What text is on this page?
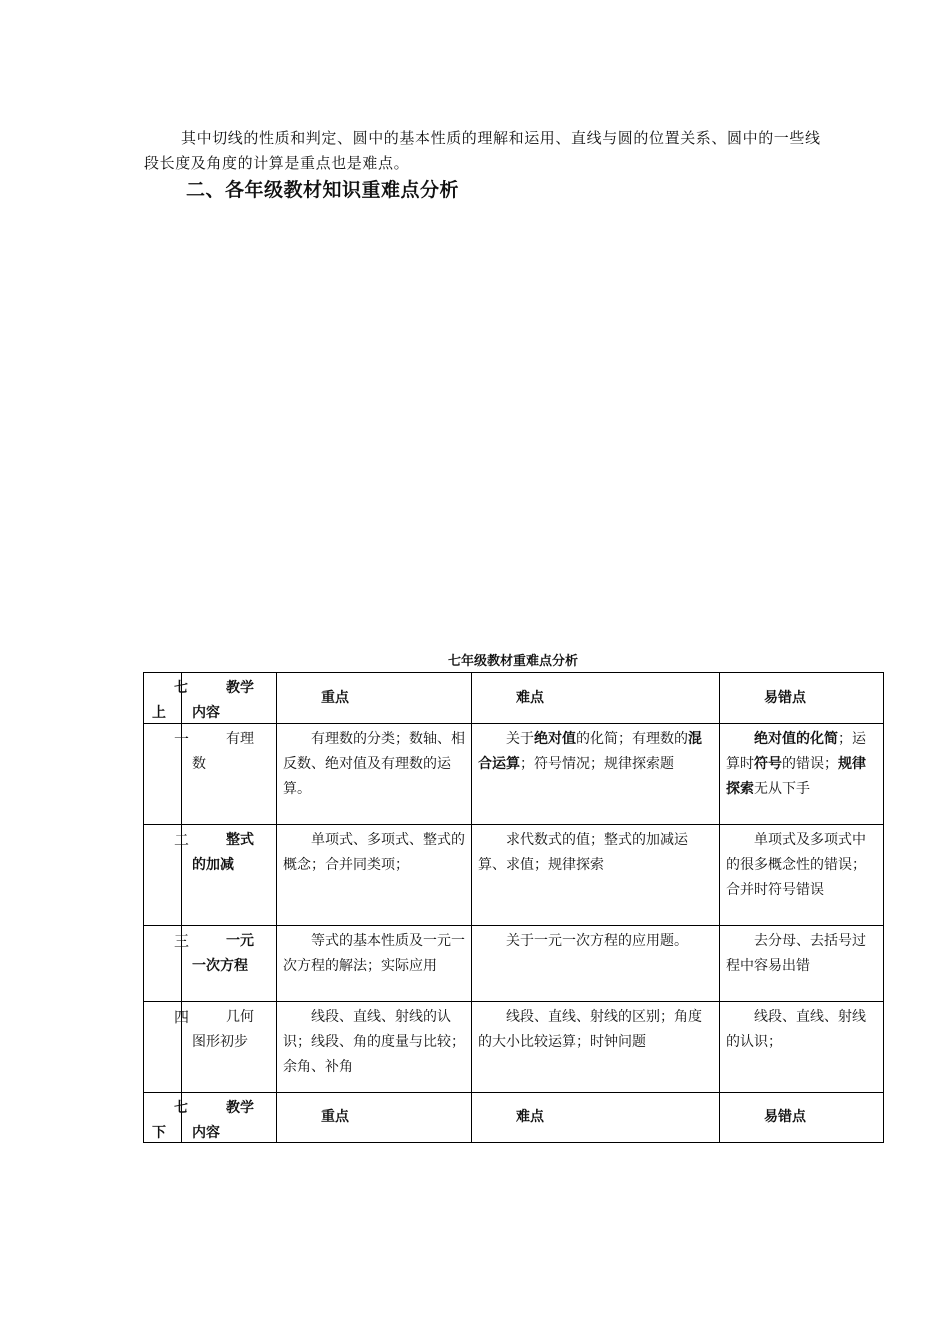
其中切线的性质和判定、圆中的基本性质的理解和运用、直线与圆的位置关系、圆中的一些线段长度及角度的计算是重点也是难点。
二、各年级教材知识重难点分析
七年级教材重难点分析
七
上
教学
内容	重点	难点	易错点

一 有理
数	有理数的分类；数轴、相反数、绝对值及有理数的运算。	关于绝对值的化简；有理数的混合运算；符号情况；规律探索题	绝对值的化简；运算时符号的错误；规律探索无从下手

二 整式
的加减	单项式、多项式、整式的概念；合并同类项；	求代数式的值；整式的加减运算、求值；规律探索	单项式及多项式中的很多概念性的错误；合并时符号错误

三 一元
一次方程	等式的基本性质及一元一次方程的解法；实际应用	关于一元一次方程的应用题。	去分母、去括号过程中容易出错

四 几何
图形初步	线段、直线、射线的认识；线段、角的度量与比较；余角、补角	线段、直线、射线的区别；角度的大小比较运算；时钟问题	线段、直线、射线的认识；

七
下
教学
内容	重点	难点	易错点
